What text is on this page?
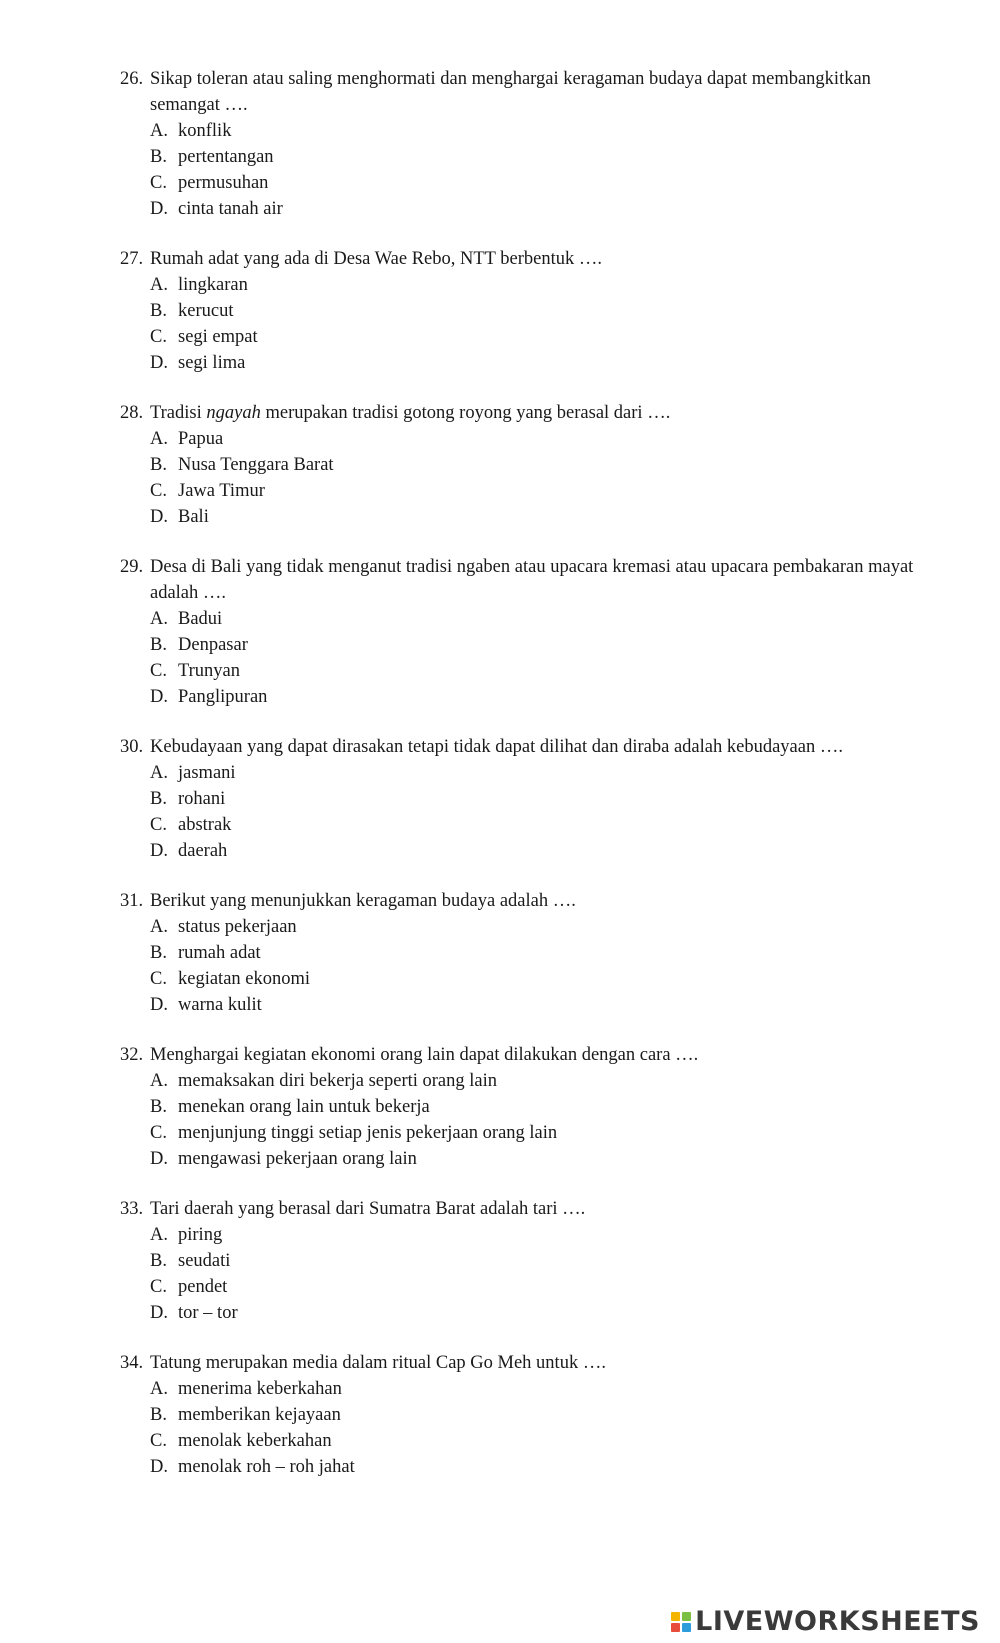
26. Sikap toleran atau saling menghormati dan menghargai keragaman budaya dapat membangkitkan semangat ….
A. konflik
B. pertentangan
C. permusuhan
D. cinta tanah air
27. Rumah adat yang ada di Desa Wae Rebo, NTT berbentuk ….
A. lingkaran
B. kerucut
C. segi empat
D. segi lima
28. Tradisi ngayah merupakan tradisi gotong royong yang berasal dari ….
A. Papua
B. Nusa Tenggara Barat
C. Jawa Timur
D. Bali
29. Desa di Bali yang tidak menganut tradisi ngaben atau upacara kremasi atau upacara pembakaran mayat adalah ….
A. Badui
B. Denpasar
C. Trunyan
D. Panglipuran
30. Kebudayaan yang dapat dirasakan tetapi tidak dapat dilihat dan diraba adalah kebudayaan ….
A. jasmani
B. rohani
C. abstrak
D. daerah
31. Berikut yang menunjukkan keragaman budaya adalah ….
A. status pekerjaan
B. rumah adat
C. kegiatan ekonomi
D. warna kulit
32. Menghargai kegiatan ekonomi orang lain dapat dilakukan dengan cara ….
A. memaksakan diri bekerja seperti orang lain
B. menekan orang lain untuk bekerja
C. menjunjung tinggi setiap jenis pekerjaan orang lain
D. mengawasi pekerjaan orang lain
33. Tari daerah yang berasal dari Sumatra Barat adalah tari ….
A. piring
B. seudati
C. pendet
D. tor – tor
34. Tatung merupakan media dalam ritual Cap Go Meh untuk ….
A. menerima keberkahan
B. memberikan kejayaan
C. menolak keberkahan
D. menolak roh – roh jahat
LIVEWORKSHEETS
